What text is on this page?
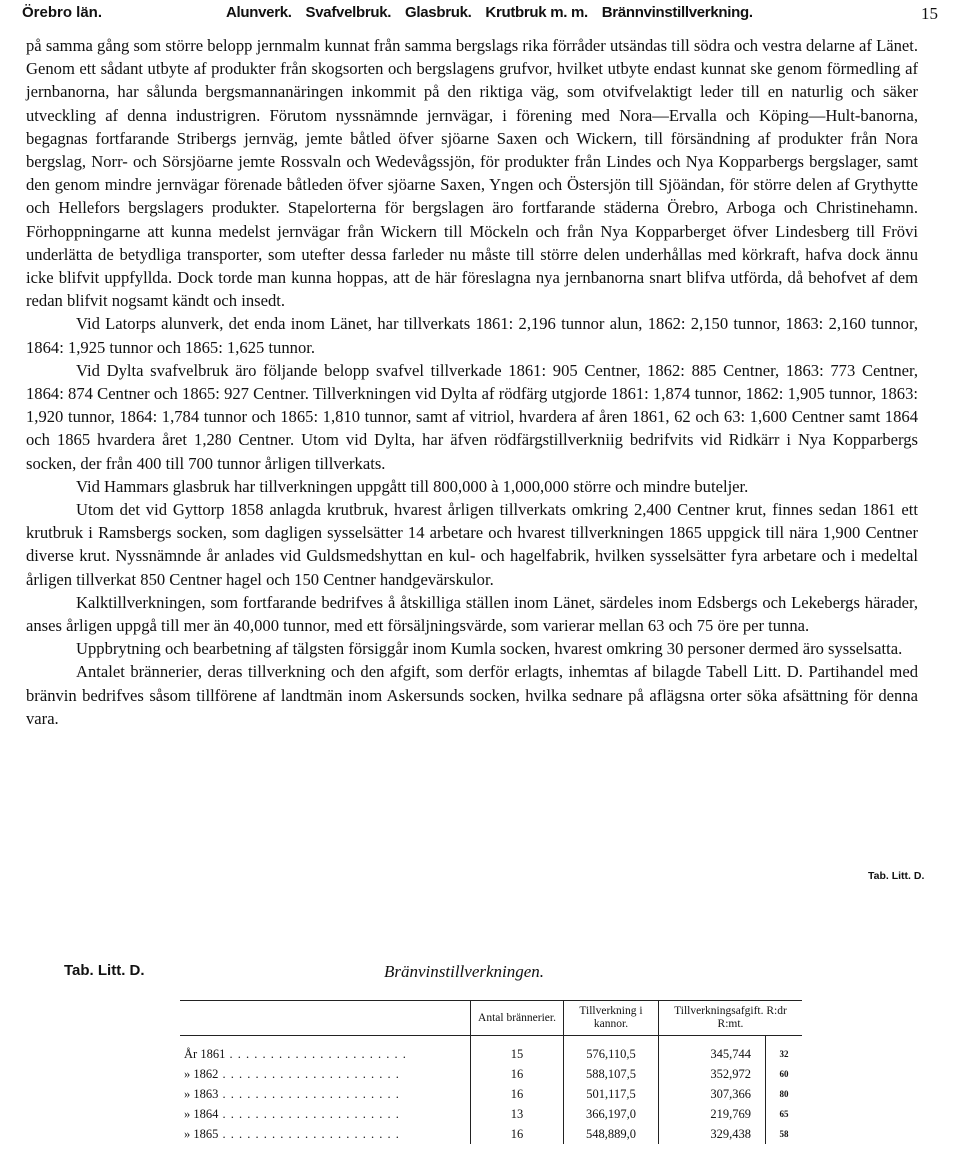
Örebro län.	Alunverk. Svafvelbruk. Glasbruk. Krutbruk m. m. Brännvinstillverkning.	15

på samma gång som större belopp jernmalm kunnat från samma bergslags rika förråder utsändas till södra och vestra delarne af Länet. Genom ett sådant utbyte af produkter från skogsorten och bergslagens grufvor, hvilket utbyte endast kunnat ske genom förmedling af jernbanorna, har sålunda bergsmannanäringen inkommit på den riktiga väg, som otvifvelaktigt leder till en naturlig och säker utveckling af denna industrigren. Förutom nyssnämnde jernvägar, i förening med Nora—Ervalla och Köping—Hult-banorna, begagnas fortfarande Stribergs jernväg, jemte båtled öfver sjöarne Saxen och Wickern, till försändning af produkter från Nora bergslag, Norr- och Sörsjöarne jemte Rossvaln och Wedevågssjön, för produkter från Lindes och Nya Kopparbergs bergslager, samt den genom mindre jernvägar förenade båtleden öfver sjöarne Saxen, Yngen och Östersjön till Sjöändan, för större delen af Grythytte och Hellefors bergslagers produkter. Stapelorterna för bergslagen äro fortfarande städerna Örebro, Arboga och Christinehamn. Förhoppningarne att kunna medelst jernvägar från Wickern till Möckeln och från Nya Kopparberget öfver Lindesberg till Frövi underlätta de betydliga transporter, som utefter dessa farleder nu måste till större delen underhållas med körkraft, hafva dock ännu icke blifvit uppfyllda. Dock torde man kunna hoppas, att de här föreslagna nya jernbanorna snart blifva utförda, då behofvet af dem redan blifvit nogsamt kändt och insedt.

Vid Latorps alunverk, det enda inom Länet, har tillverkats 1861: 2,196 tunnor alun, 1862: 2,150 tunnor, 1863: 2,160 tunnor, 1864: 1,925 tunnor och 1865: 1,625 tunnor.

Vid Dylta svafvelbruk äro följande belopp svafvel tillverkade 1861: 905 Centner, 1862: 885 Centner, 1863: 773 Centner, 1864: 874 Centner och 1865: 927 Centner. Tillverkningen vid Dylta af rödfärg utgjorde 1861: 1,874 tunnor, 1862: 1,905 tunnor, 1863: 1,920 tunnor, 1864: 1,784 tunnor och 1865: 1,810 tunnor, samt af vitriol, hvardera af åren 1861, 62 och 63: 1,600 Centner samt 1864 och 1865 hvardera året 1,280 Centner. Utom vid Dylta, har äfven rödfärgstillverkniig bedrifvits vid Ridkärr i Nya Kopparbergs socken, der från 400 till 700 tunnor årligen tillverkats.

Vid Hammars glasbruk har tillverkningen uppgått till 800,000 à 1,000,000 större och mindre buteljer.

Utom det vid Gyttorp 1858 anlagda krutbruk, hvarest årligen tillverkats omkring 2,400 Centner krut, finnes sedan 1861 ett krutbruk i Ramsbergs socken, som dagligen sysselsätter 14 arbetare och hvarest tillverkningen 1865 uppgick till nära 1,900 Centner diverse krut. Nyssnämnde år anlades vid Guldsmedshyttan en kul- och hagelfabrik, hvilken sysselsätter fyra arbetare och i medeltal årligen tillverkat 850 Centner hagel och 150 Centner handgevärskulor.

Kalktillverkningen, som fortfarande bedrifves å åtskilliga ställen inom Länet, särdeles inom Edsbergs och Lekebergs härader, anses årligen uppgå till mer än 40,000 tunnor, med ett försäljningsvärde, som varierar mellan 63 och 75 öre per tunna.

Uppbrytning och bearbetning af tälgsten försiggår inom Kumla socken, hvarest omkring 30 personer dermed äro sysselsatta.

Antalet brännerier, deras tillverkning och den afgift, som derför erlagts, inhemtas af bilagde Tabell Litt. D. Partihandel med bränvin bedrifves såsom tillförene af landtmän inom Askersunds socken, hvilka sednare på aflägsna orter söka afsättning för denna vara.

Tab. Litt. D.
Tab. Litt. D.	Bränvinstillverkningen.
	Antal brännerier.	Tillverkning i kannor.	Tillverkningsafgift. R:dr R:mt.	

År 1861 . . . . . . . . . . . . . . . . . . . . . .	15	576,110,5	345,744	32
» 1862 . . . . . . . . . . . . . . . . . . . . . .	16	588,107,5	352,972	60
» 1863 . . . . . . . . . . . . . . . . . . . . . .	16	501,117,5	307,366	80
» 1864 . . . . . . . . . . . . . . . . . . . . . .	13	366,197,0	219,769	65
» 1865 . . . . . . . . . . . . . . . . . . . . . .	16	548,889,0	329,438	58
